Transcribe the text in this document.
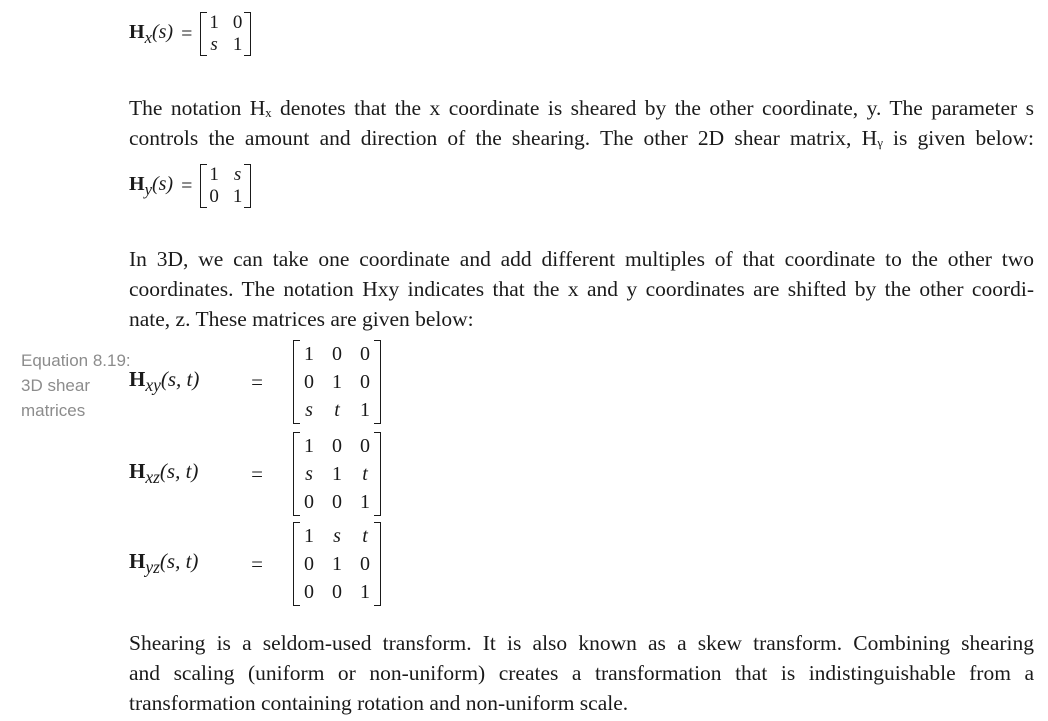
Equation 8.19:
3D shear
matrices
$H_x(s) = 1$	0
s	1
The notation Hₓ denotes that the x coordinate is sheared by the other coordinate, y. The parameter s
controls the amount and direction of the shearing. The other 2D shear matrix, Hᵧ is given below:
$H_y(s) = 1$	s
0	1
In 3D, we can take one coordinate and add different multiples of that coordinate to the other two
coordinates. The notation Hxy indicates that the x and y coordinates are shifted by the other coordi-
nate, z. These matrices are given below:
$H_{xy}(s$, t)	=
1	0	0
0	1	0
s	t	1
$H_{xz}(s$, t)	=
1	0	0
s	1	t
0	0	1
$H_{yz}(s$, t)	=
1	s	t
0	1	0
0	0	1
Shearing is a seldom-used transform. It is also known as a skew transform. Combining shearing
and scaling (uniform or non-uniform) creates a transformation that is indistinguishable from a
transformation containing rotation and non-uniform scale.
